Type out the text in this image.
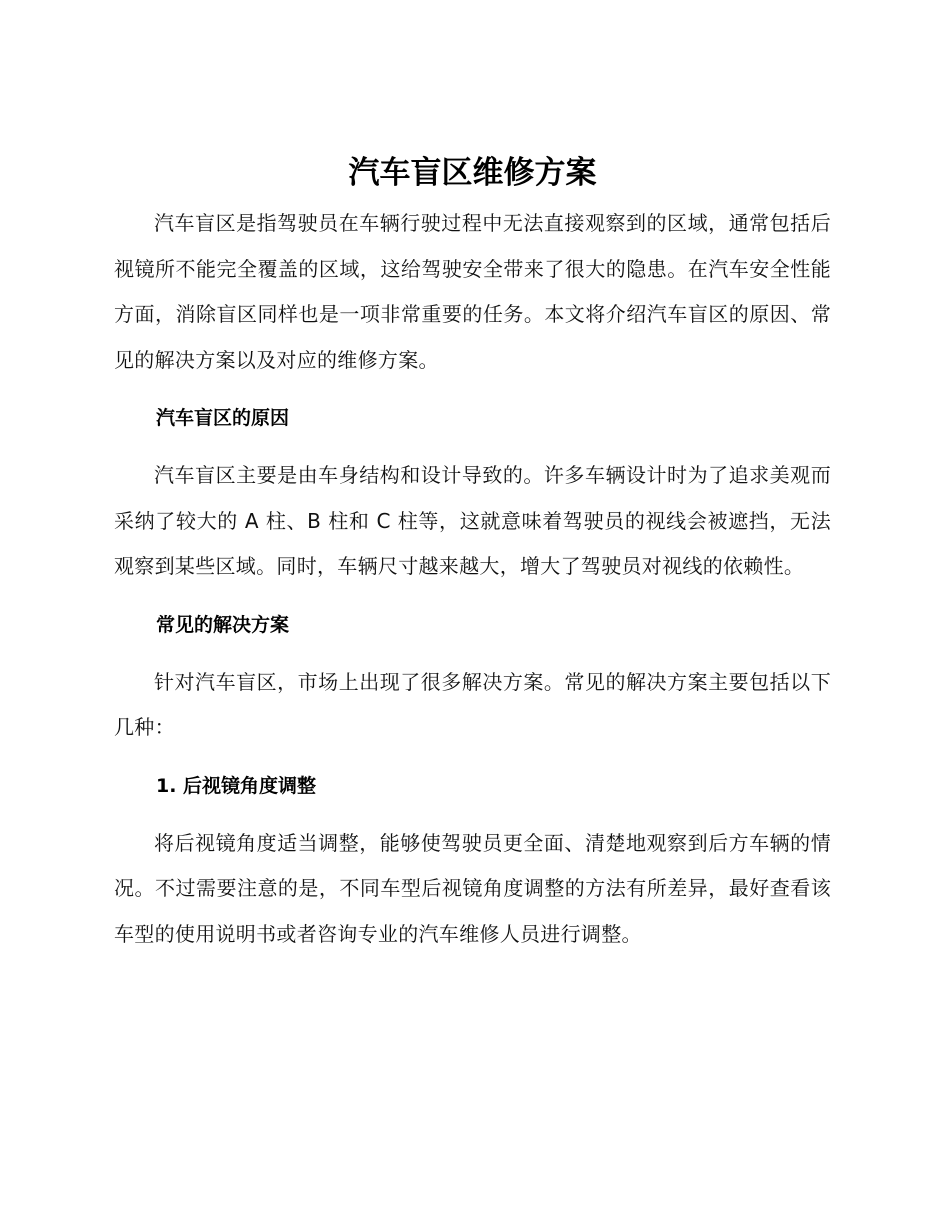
汽车盲区维修方案

汽车盲区是指驾驶员在车辆行驶过程中无法直接观察到的区域，通常包括后视镜所不能完全覆盖的区域，这给驾驶安全带来了很大的隐患。在汽车安全性能方面，消除盲区同样也是一项非常重要的任务。本文将介绍汽车盲区的原因、常见的解决方案以及对应的维修方案。

汽车盲区的原因

汽车盲区主要是由车身结构和设计导致的。许多车辆设计时为了追求美观而采纳了较大的 A 柱、B 柱和 C 柱等，这就意味着驾驶员的视线会被遮挡，无法观察到某些区域。同时，车辆尺寸越来越大，增大了驾驶员对视线的依赖性。

常见的解决方案

针对汽车盲区，市场上出现了很多解决方案。常见的解决方案主要包括以下几种：

1. 后视镜角度调整

将后视镜角度适当调整，能够使驾驶员更全面、清楚地观察到后方车辆的情况。不过需要注意的是，不同车型后视镜角度调整的方法有所差异，最好查看该车型的使用说明书或者咨询专业的汽车维修人员进行调整。
